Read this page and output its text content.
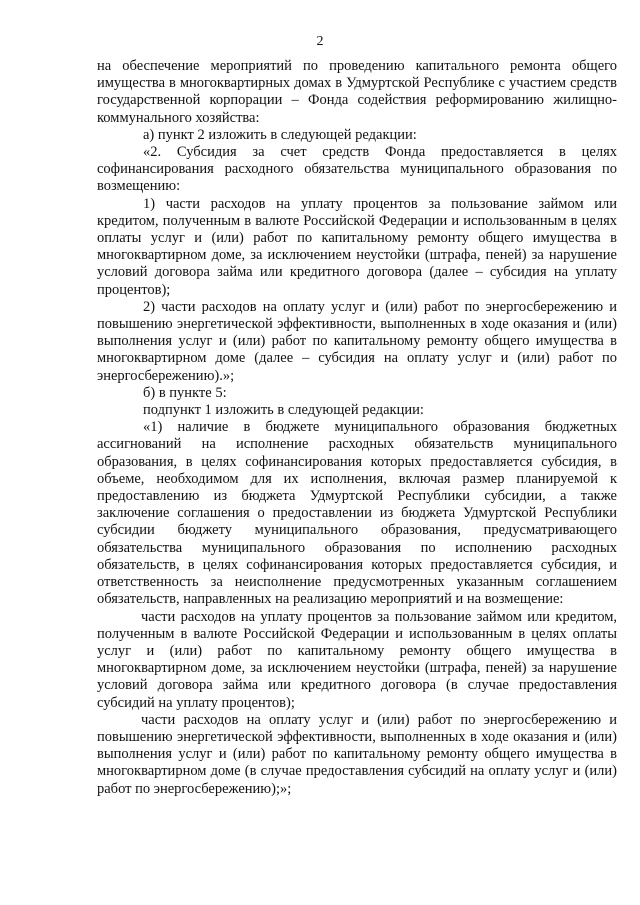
2

на обеспечение мероприятий по проведению капитального ремонта общего имущества в многоквартирных домах в Удмуртской Республике с участием средств государственной корпорации – Фонда содействия реформированию жилищно-коммунального хозяйства:

а) пункт 2 изложить в следующей редакции:

«2. Субсидия за счет средств Фонда предоставляется в целях софинансирования расходного обязательства муниципального образования по возмещению:

1) части расходов на уплату процентов за пользование займом или кредитом, полученным в валюте Российской Федерации и использованным в целях оплаты услуг и (или) работ по капитальному ремонту общего имущества в многоквартирном доме, за исключением неустойки (штрафа, пеней) за нарушение условий договора займа или кредитного договора (далее – субсидия на уплату процентов);

2) части расходов на оплату услуг и (или) работ по энергосбережению и повышению энергетической эффективности, выполненных в ходе оказания и (или) выполнения услуг и (или) работ по капитальному ремонту общего имущества в многоквартирном доме (далее – субсидия на оплату услуг и (или) работ по энергосбережению).»;

б) в пункте 5:

подпункт 1 изложить в следующей редакции:

«1) наличие в бюджете муниципального образования бюджетных ассигнований на исполнение расходных обязательств муниципального образования, в целях софинансирования которых предоставляется субсидия, в объеме, необходимом для их исполнения, включая размер планируемой к предоставлению из бюджета Удмуртской Республики субсидии, а также заключение соглашения о предоставлении из бюджета Удмуртской Республики субсидии бюджету муниципального образования, предусматривающего обязательства муниципального образования по исполнению расходных обязательств, в целях софинансирования которых предоставляется субсидия, и ответственность за неисполнение предусмотренных указанным соглашением обязательств, направленных на реализацию мероприятий и на возмещение:

части расходов на уплату процентов за пользование займом или кредитом, полученным в валюте Российской Федерации и использованным в целях оплаты услуг и (или) работ по капитальному ремонту общего имущества в многоквартирном доме, за исключением неустойки (штрафа, пеней) за нарушение условий договора займа или кредитного договора (в случае предоставления субсидий на уплату процентов);

части расходов на оплату услуг и (или) работ по энергосбережению и повышению энергетической эффективности, выполненных в ходе оказания и (или) выполнения услуг и (или) работ по капитальному ремонту общего имущества в многоквартирном доме (в случае предоставления субсидий на оплату услуг и (или) работ по энергосбережению);»;
